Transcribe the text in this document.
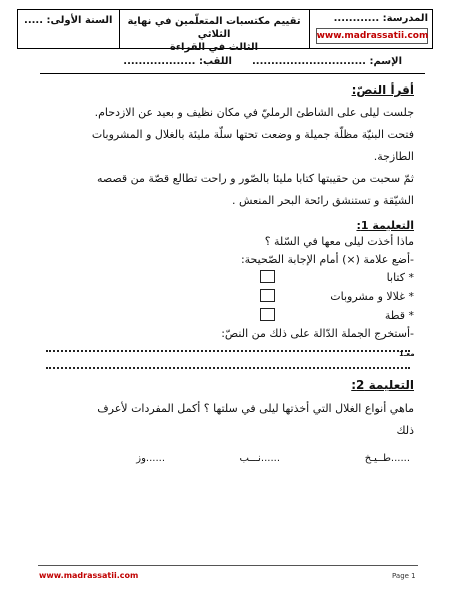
المدرسة: ............
www.madrassatii.com
تقييم مكتسبات المتعلّمين في نهاية الثلاثي
الثالث في القراءة
السنة الأولى: .....
الإسم: ..............................
اللقب: ...................
أقرأ النصّ:
جلست ليلى على الشاطئ الرمليّ في مكان نظيف و بعيد عن الازدحام.
فتحت البنيّة مظلّة جميلة و وضعت تحتها سلّة مليئة بالغلال و المشروبات
الطازجة.
ثمّ سحبت من حقيبتها كتابا مليئا بالصّور و راحت تطالع قصّة من قصصه
الشيّقة و تستنشق رائحة البحر المنعش .
التعليمة 1:
ماذا أخذت ليلى معها في السّلة ؟
-أضع علامة (×) أمام الإجابة الصّحيحة:
* كتابا
* غلالا و مشروبات
* قطة
-أستخرج الجملة الدّالة على ذلك من النصّ:
معـ1
التعليمة 2:
ماهي أنواع الغلال التي أخذتها ليلى في سلتها ؟ أكمل المفردات لأعرف
ذلك
......طــيـخ
......نـــب
......وز
www.madrassatii.com	Page 1
